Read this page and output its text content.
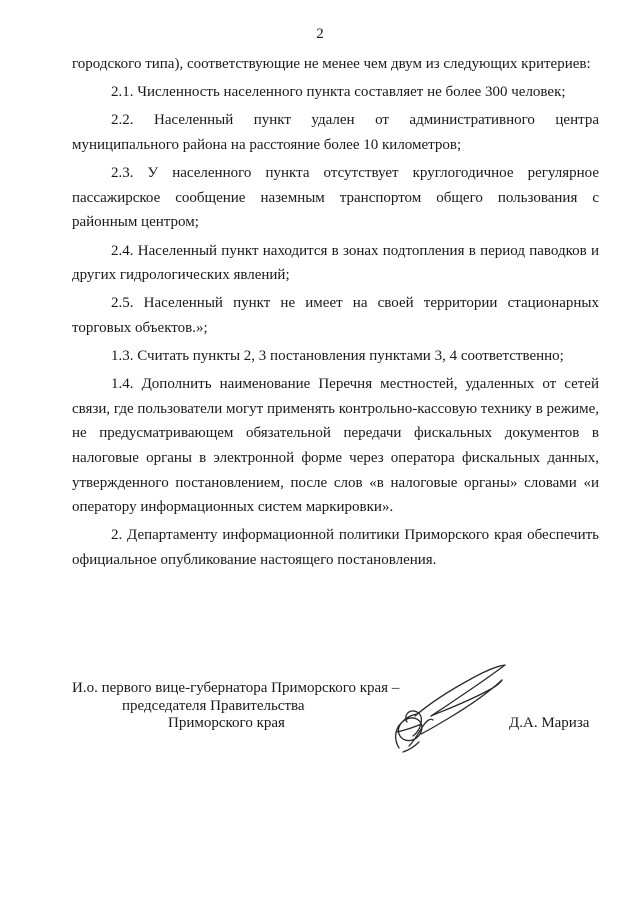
2

городского типа), соответствующие не менее чем двум из следующих критериев:

2.1. Численность населенного пункта составляет не более 300 человек;

2.2. Населенный пункт удален от административного центра муниципального района на расстояние более 10 километров;

2.3. У населенного пункта отсутствует круглогодичное регулярное пассажирское сообщение наземным транспортом общего пользования с районным центром;

2.4. Населенный пункт находится в зонах подтопления в период паводков и других гидрологических явлений;

2.5. Населенный пункт не имеет на своей территории стационарных торговых объектов.»;

1.3. Считать пункты 2, 3 постановления пунктами 3, 4 соответственно;

1.4. Дополнить наименование Перечня местностей, удаленных от сетей связи, где пользователи могут применять контрольно-кассовую технику в режиме, не предусматривающем обязательной передачи фискальных документов в налоговые органы в электронной форме через оператора фискальных данных, утвержденного постановлением, после слов «в налоговые органы» словами «и оператору информационных систем маркировки».

2. Департаменту информационной политики Приморского края обеспечить официальное опубликование настоящего постановления.

И.о. первого вице-губернатора Приморского края –
председателя Правительства
Приморского края	Д.А. Мариза
